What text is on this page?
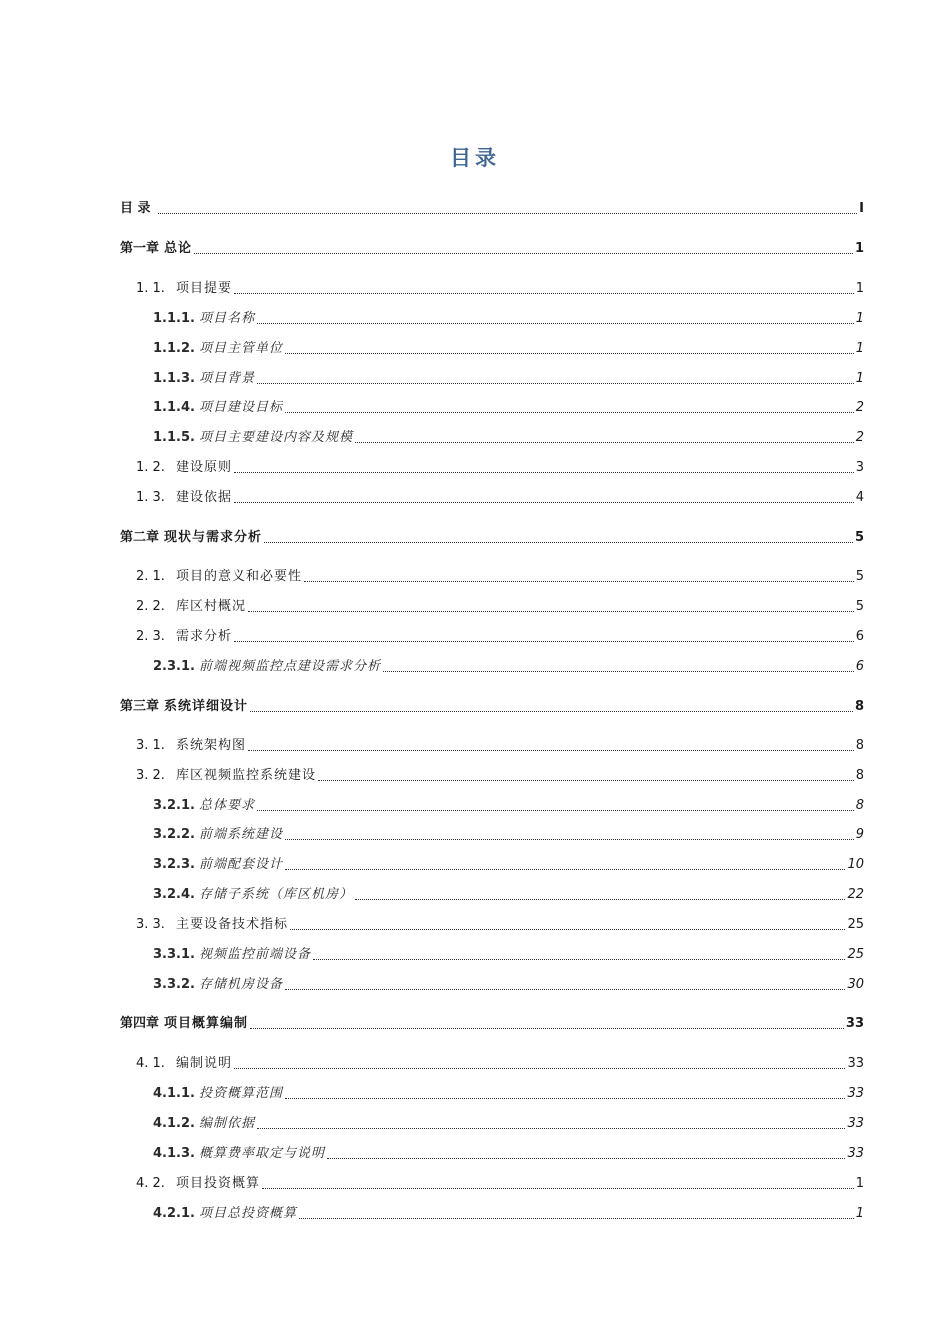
目录
目 录	I
第一章 总论	1
1. 1. 项目提要	1
1.1.1. 项目名称	1
1.1.2. 项目主管单位	1
1.1.3. 项目背景	1
1.1.4. 项目建设目标	2
1.1.5. 项目主要建设内容及规模	2
1. 2. 建设原则	3
1. 3. 建设依据	4
第二章 现状与需求分析	5
2. 1. 项目的意义和必要性	5
2. 2. 库区村概况	5
2. 3. 需求分析	6
2.3.1. 前端视频监控点建设需求分析	6
第三章 系统详细设计	8
3. 1. 系统架构图	8
3. 2. 库区视频监控系统建设	8
3.2.1. 总体要求	8
3.2.2. 前端系统建设	9
3.2.3. 前端配套设计	10
3.2.4. 存储子系统（库区机房）	22
3. 3. 主要设备技术指标	25
3.3.1. 视频监控前端设备	25
3.3.2. 存储机房设备	30
第四章 项目概算编制	33
4. 1. 编制说明	33
4.1.1. 投资概算范围	33
4.1.2. 编制依据	33
4.1.3. 概算费率取定与说明	33
4. 2. 项目投资概算	1
4.2.1. 项目总投资概算	1
